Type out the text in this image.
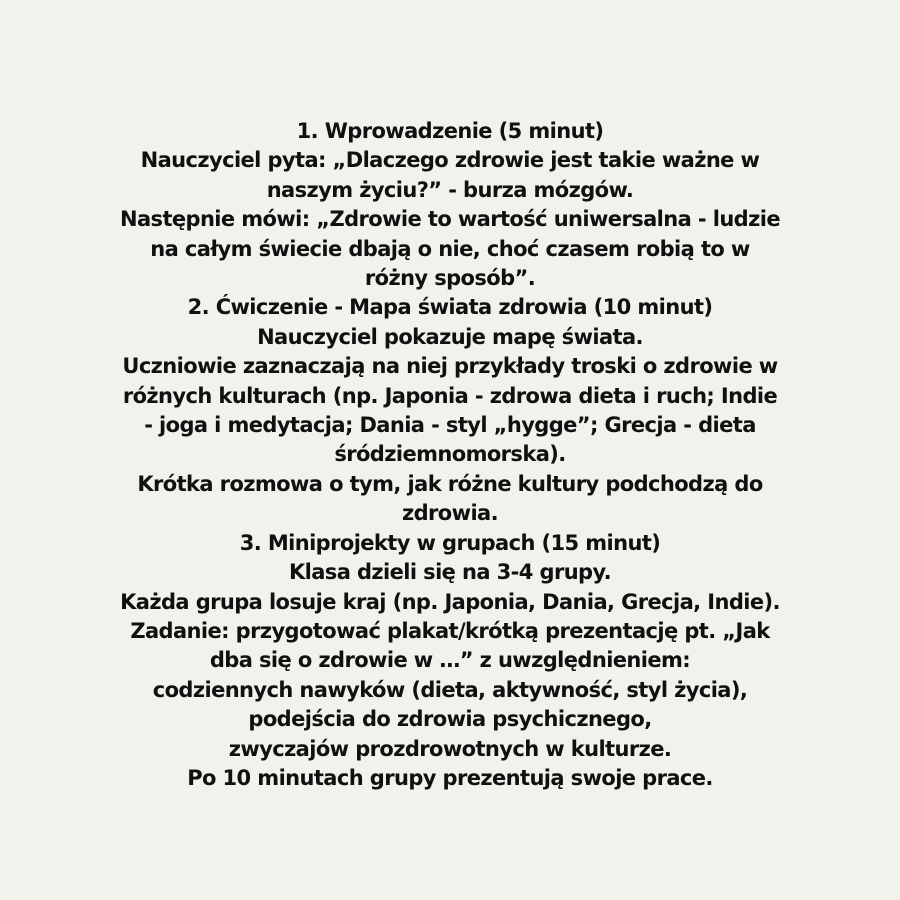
1. Wprowadzenie (5 minut)
Nauczyciel pyta: „Dlaczego zdrowie jest takie ważne w
naszym życiu?” - burza mózgów.
Następnie mówi: „Zdrowie to wartość uniwersalna - ludzie
na całym świecie dbają o nie, choć czasem robią to w
różny sposób”.
2. Ćwiczenie - Mapa świata zdrowia (10 minut)
Nauczyciel pokazuje mapę świata.
Uczniowie zaznaczają na niej przykłady troski o zdrowie w
różnych kulturach (np. Japonia - zdrowa dieta i ruch; Indie
- joga i medytacja; Dania - styl „hygge”; Grecja - dieta
śródziemnomorska).
Krótka rozmowa o tym, jak różne kultury podchodzą do
zdrowia.
3. Miniprojekty w grupach (15 minut)
Klasa dzieli się na 3-4 grupy.
Każda grupa losuje kraj (np. Japonia, Dania, Grecja, Indie).
Zadanie: przygotować plakat/krótką prezentację pt. „Jak
dba się o zdrowie w …” z uwzględnieniem:
codziennych nawyków (dieta, aktywność, styl życia),
podejścia do zdrowia psychicznego,
zwyczajów prozdrowotnych w kulturze.
Po 10 minutach grupy prezentują swoje prace.
